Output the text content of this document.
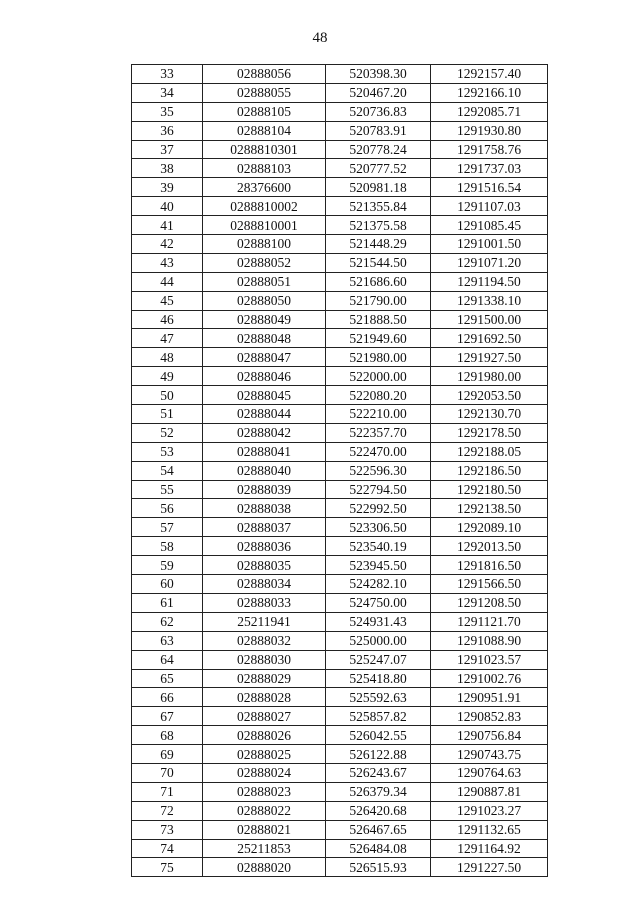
48
33	02888056	520398.30	1292157.40
34	02888055	520467.20	1292166.10
35	02888105	520736.83	1292085.71
36	02888104	520783.91	1291930.80
37	0288810301	520778.24	1291758.76
38	02888103	520777.52	1291737.03
39	28376600	520981.18	1291516.54
40	0288810002	521355.84	1291107.03
41	0288810001	521375.58	1291085.45
42	02888100	521448.29	1291001.50
43	02888052	521544.50	1291071.20
44	02888051	521686.60	1291194.50
45	02888050	521790.00	1291338.10
46	02888049	521888.50	1291500.00
47	02888048	521949.60	1291692.50
48	02888047	521980.00	1291927.50
49	02888046	522000.00	1291980.00
50	02888045	522080.20	1292053.50
51	02888044	522210.00	1292130.70
52	02888042	522357.70	1292178.50
53	02888041	522470.00	1292188.05
54	02888040	522596.30	1292186.50
55	02888039	522794.50	1292180.50
56	02888038	522992.50	1292138.50
57	02888037	523306.50	1292089.10
58	02888036	523540.19	1292013.50
59	02888035	523945.50	1291816.50
60	02888034	524282.10	1291566.50
61	02888033	524750.00	1291208.50
62	25211941	524931.43	1291121.70
63	02888032	525000.00	1291088.90
64	02888030	525247.07	1291023.57
65	02888029	525418.80	1291002.76
66	02888028	525592.63	1290951.91
67	02888027	525857.82	1290852.83
68	02888026	526042.55	1290756.84
69	02888025	526122.88	1290743.75
70	02888024	526243.67	1290764.63
71	02888023	526379.34	1290887.81
72	02888022	526420.68	1291023.27
73	02888021	526467.65	1291132.65
74	25211853	526484.08	1291164.92
75	02888020	526515.93	1291227.50
